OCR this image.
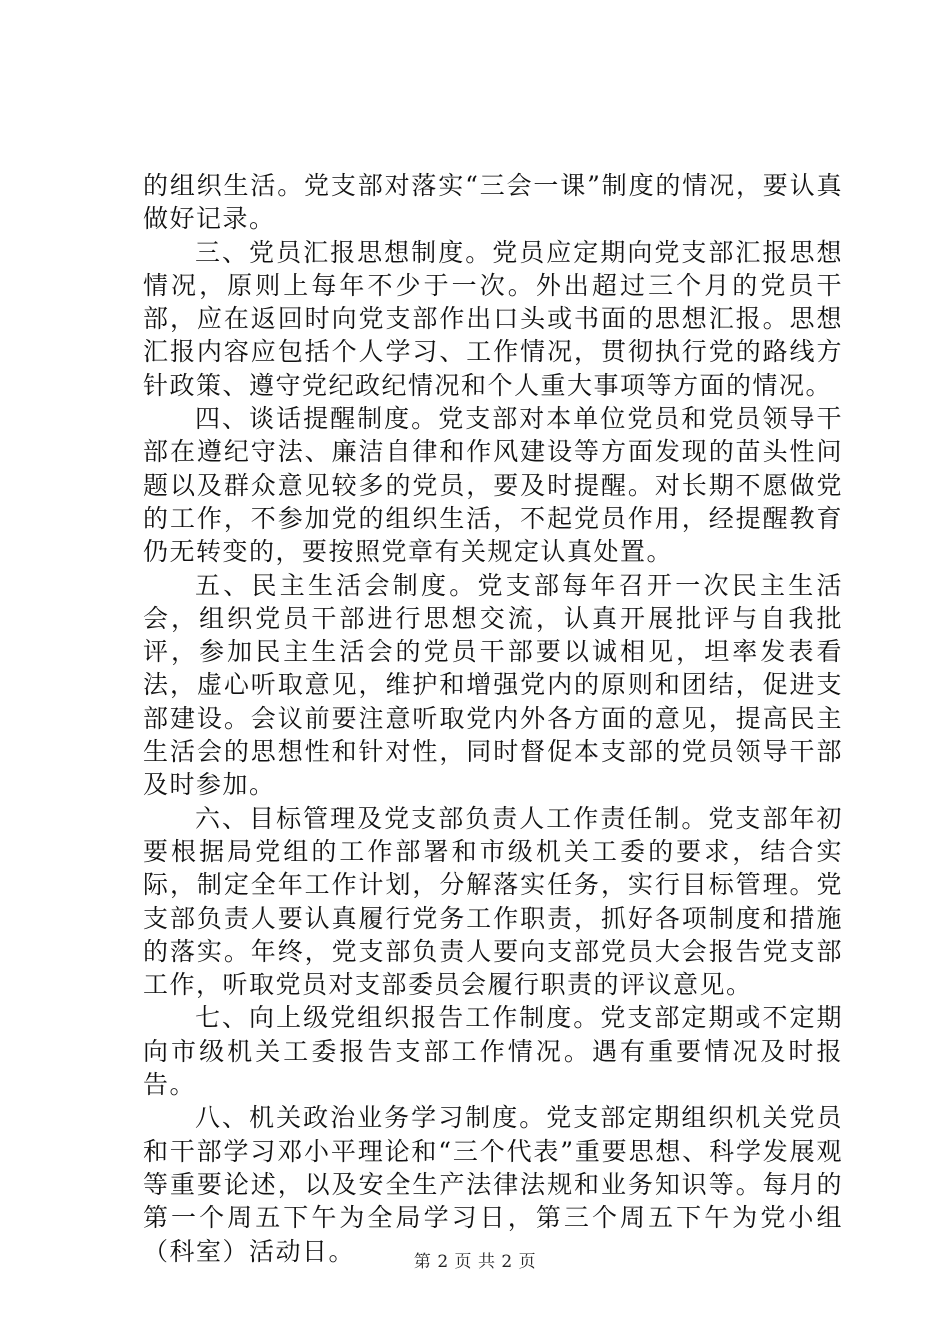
的组织生活。党支部对落实“三会一课”制度的情况，要认真做好记录。

三、党员汇报思想制度。党员应定期向党支部汇报思想情况，原则上每年不少于一次。外出超过三个月的党员干部，应在返回时向党支部作出口头或书面的思想汇报。思想汇报内容应包括个人学习、工作情况，贯彻执行党的路线方针政策、遵守党纪政纪情况和个人重大事项等方面的情况。

四、谈话提醒制度。党支部对本单位党员和党员领导干部在遵纪守法、廉洁自律和作风建设等方面发现的苗头性问题以及群众意见较多的党员，要及时提醒。对长期不愿做党的工作，不参加党的组织生活，不起党员作用，经提醒教育仍无转变的，要按照党章有关规定认真处置。

五、民主生活会制度。党支部每年召开一次民主生活会，组织党员干部进行思想交流，认真开展批评与自我批评，参加民主生活会的党员干部要以诚相见，坦率发表看法，虚心听取意见，维护和增强党内的原则和团结，促进支部建设。会议前要注意听取党内外各方面的意见，提高民主生活会的思想性和针对性，同时督促本支部的党员领导干部及时参加。

六、目标管理及党支部负责人工作责任制。党支部年初要根据局党组的工作部署和市级机关工委的要求，结合实际，制定全年工作计划，分解落实任务，实行目标管理。党支部负责人要认真履行党务工作职责，抓好各项制度和措施的落实。年终，党支部负责人要向支部党员大会报告党支部工作，听取党员对支部委员会履行职责的评议意见。

七、向上级党组织报告工作制度。党支部定期或不定期向市级机关工委报告支部工作情况。遇有重要情况及时报告。

八、机关政治业务学习制度。党支部定期组织机关党员和干部学习邓小平理论和“三个代表”重要思想、科学发展观等重要论述，以及安全生产法律法规和业务知识等。每月的第一个周五下午为全局学习日，第三个周五下午为党小组（科室）活动日。	第 2 页 共 2 页
